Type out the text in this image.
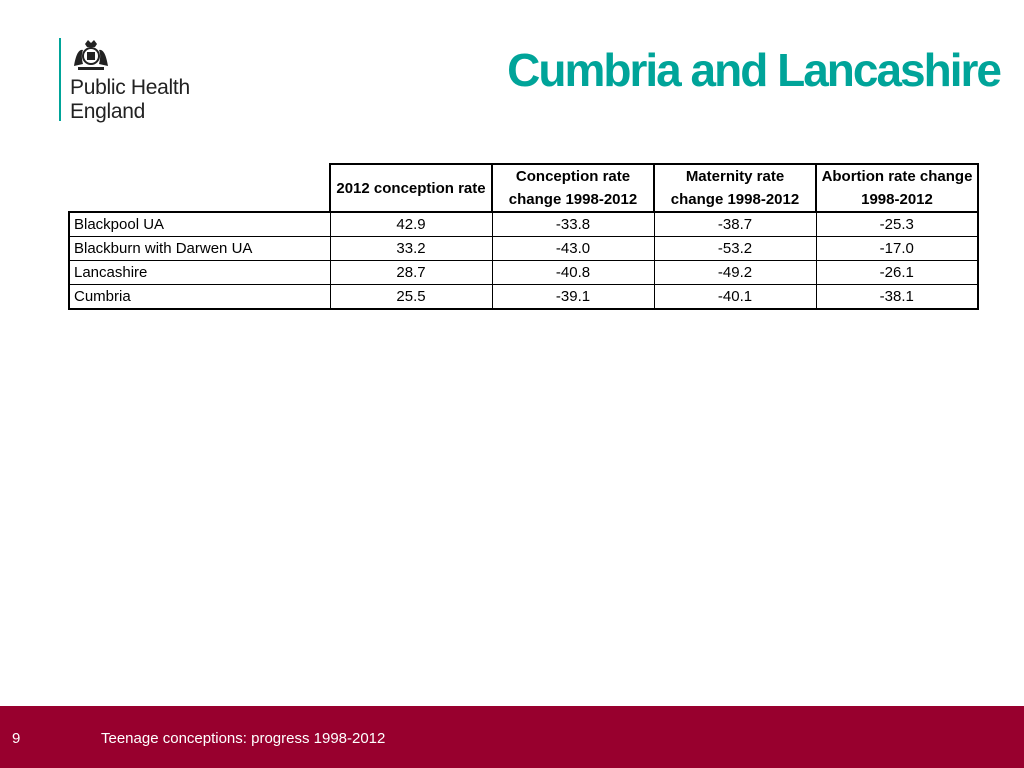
Public Health
England
Cumbria and Lancashire
	2012 conception rate	Conception rate change 1998-2012	Maternity rate change 1998-2012	Abortion rate change 1998-2012
Blackpool UA	42.9	-33.8	-38.7	-25.3
Blackburn with Darwen UA	33.2	-43.0	-53.2	-17.0
Lancashire	28.7	-40.8	-49.2	-26.1
Cumbria	25.5	-39.1	-40.1	-38.1
9	Teenage conceptions: progress 1998-2012
